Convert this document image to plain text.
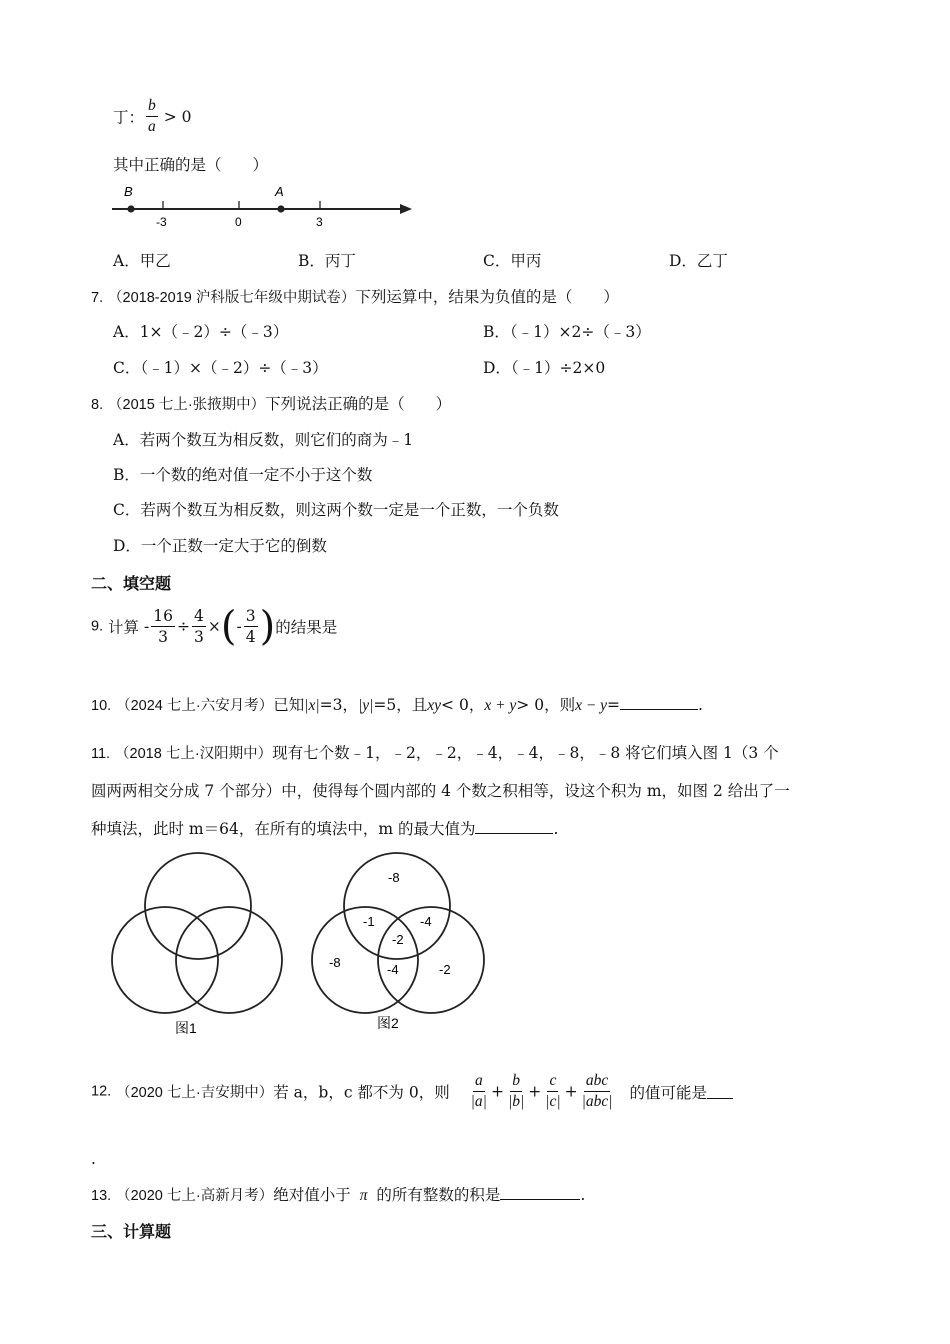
丁： $\frac{b}{a} > 0$
其中正确的是（　　）
B	A
-3	0	3
A．甲乙	B．丙丁	C．甲丙	D．乙丁
7. （2018-2019 沪科版七年级中期试卷）下列运算中，结果为负值的是（　　）
A．1×（﹣2）÷（﹣3）	B．（﹣1）×2÷（﹣3）
C．（﹣1）×（﹣2）÷（﹣3）	D．（﹣1）÷2×0
8. （2015 七上·张掖期中）下列说法正确的是（　　）
A．若两个数互为相反数，则它们的商为﹣1
B．一个数的绝对值一定不小于这个数
C．若两个数互为相反数，则这两个数一定是一个正数，一个负数
D．一个正数一定大于它的倒数
二、填空题
9. 计算 - $\frac{16}{3} \div \frac{4}{3}$ ×(- $\frac{3}{4}$ )的结果是
10. （2024 七上·六安月考）已知|x|=3，|y|=5，且xy< 0，x + y> 0，则x − y=	.
11. （2018 七上·汉阳期中）现有七个数﹣1，﹣2，﹣2，﹣4，﹣4，﹣8，﹣8 将它们填入图 1（3 个
圆两两相交分成 7 个部分）中，使得每个圆内部的 4 个数之积相等，设这个积为 m，如图 2 给出了一
种填法，此时 m＝64，在所有的填法中，m 的最大值为	.
图1
-8
-1	-4
-2
-8	-4	-2
图2
12. （2020 七上·吉安期中）若 a，b，c 都不为 0，则 $\frac{a}{|a|} + \frac{b}{|b|} + \frac{c}{|c|} + \frac{\text{abc}}{\text{|abc|}}$ 的值可能是
.
13. （2020 七上·高新月考）绝对值小于 π 的所有整数的积是	.
三、计算题
